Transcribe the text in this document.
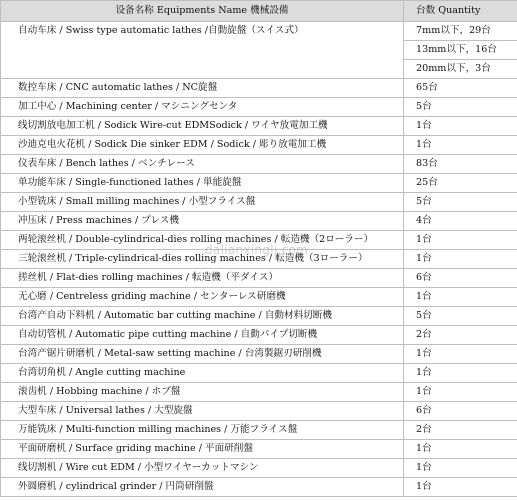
设备名称 Equipments Name 機械設備	台数 Quantity
自动车床 / Swiss type automatic lathes /自動旋盤（スイス式）	7mm以下，29台
	13mm以下，16台
	20mm以下，3台
数控车床 / CNC automatic lathes / NC旋盤	65台
加工中心 / Machining center / マシニングセンタ	5台
线切割放电加工机 / Sodick Wire-cut EDMSodick / ワイヤ放電加工機	1台
沙迪克电火花机 / Sodick Die sinker EDM / Sodick / 彫り放電加工機	1台
仪表车床 / Bench lathes / ベンチレース	83台
单功能车床 / Single-functioned lathes / 単能旋盤	25台
小型铣床 / Small milling machines / 小型フライス盤	5台
冲压床 / Press machines / プレス機	4台
两轮滚丝机 / Double-cylindrical-dies rolling machines / 転造機（2ローラー）	1台
三轮滚丝机 / Triple-cylindrical-dies rolling machines / 転造機（3ローラー）	1台
搓丝机 / Flat-dies rolling machines / 転造機（平ダイス）	6台
无心磨 / Centreless griding machine / センターレス研磨機	1台
台湾产自动下料机 / Automatic bar cutting machine / 自動材料切断機	5台
自动切管机 / Automatic pipe cutting machine / 自動パイプ切断機	2台
台湾产锯片研磨机 / Metal-saw setting machine / 台湾製鋸刃研削機	1台
台湾切角机 / Angle cutting machine	1台
滚齿机 / Hobbing machine / ホブ盤	1台
大型车床 / Universal lathes / 大型旋盤	6台
万能铣床 / Multi-function milling machines / 万能フライス盤	2台
平面研磨机 / Surface griding machine / 平面研削盤	1台
线切割机 / Wire cut EDM / 小型ワイヤーカットマシン	1台
外圆磨机 / cylindrical grinder / 円筒研削盤	1台
dalianxingli.com
